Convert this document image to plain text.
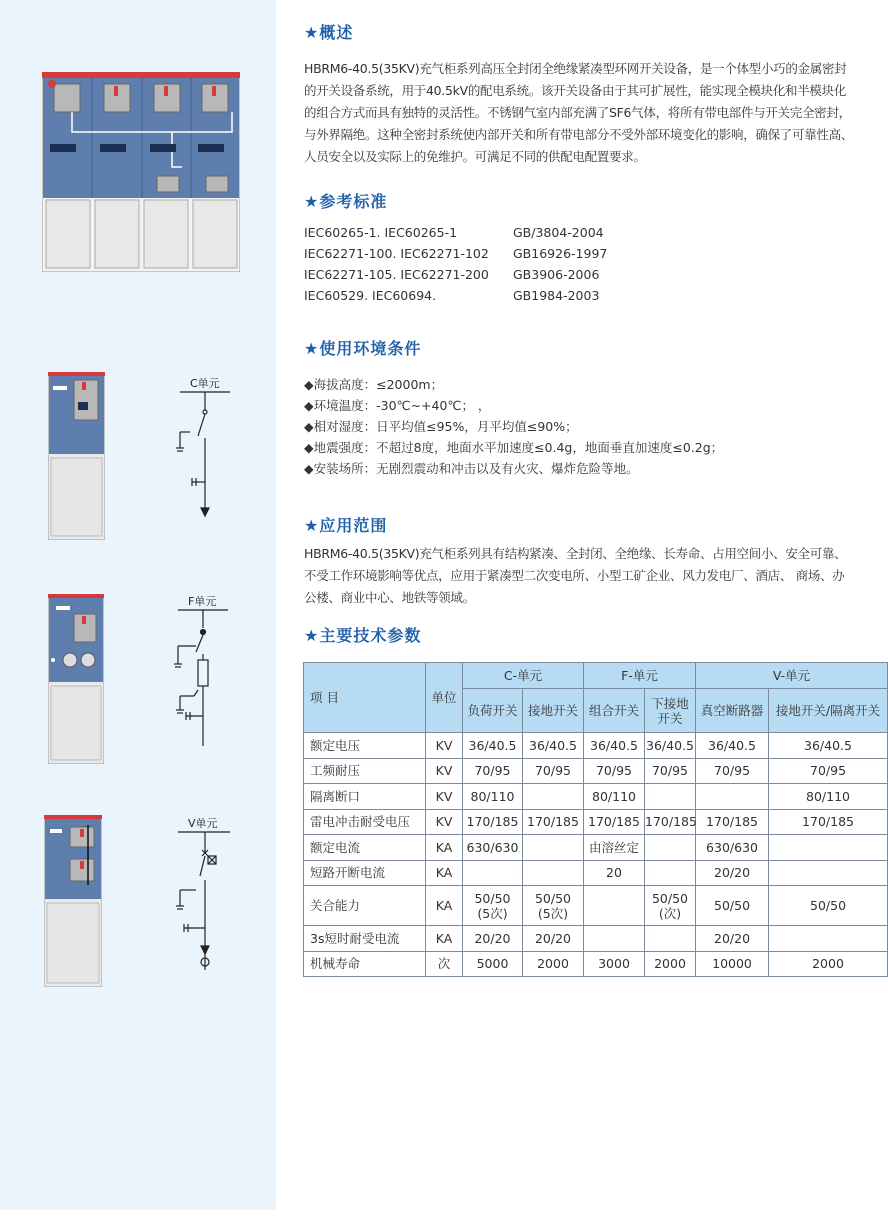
C单元
F单元
V单元
★概述
HBRM6-40.5(35KV)充气柜系列高压全封闭全绝缘紧凑型环网开关设备，是一个体型小巧的金属密封
的开关设备系统，用于40.5kV的配电系统。该开关设备由于其可扩展性，能实现全模块化和半模块化
的组合方式而具有独特的灵活性。不锈钢气室内部充满了SF6气体，将所有带电部件与开关完全密封，
与外界隔绝。这种全密封系统使内部开关和所有带电部分不受外部环境变化的影响，确保了可靠性高、
人员安全以及实际上的免维护。可满足不同的供配电配置要求。
★参考标准
IEC60265-1. IEC60265-1	GB/3804-2004
IEC62271-100. IEC62271-102 GB16926-1997
IEC62271-105. IEC62271-200 GB3906-2006
IEC60529. IEC60694.	GB1984-2003
★使用环境条件
◆海拔高度：≤2000m；
◆环境温度：-30℃~+40℃； ，
◆相对湿度：日平均值≤95%，月平均值≤90%；
◆地震强度：不超过8度，地面水平加速度≤0.4g，地面垂直加速度≤0.2g；
◆安装场所：无剧烈震动和冲击以及有火灾、爆炸危险等地。
★应用范围
HBRM6-40.5(35KV)充气柜系列具有结构紧凑、全封闭、全绝缘、长寿命、占用空间小、安全可靠、
不受工作环境影响等优点，应用于紧凑型二次变电所、小型工矿企业、风力发电厂、酒店、 商场、办
公楼、商业中心、地铁等领域。
★主要技术参数
项 目	单位	C-单元		F-单元		V-单元	
		负荷开关	接地开关	组合开关	下接地开关	真空断路器	接地开关/隔离开关
额定电压	KV	36/40.5	36/40.5	36/40.5	36/40.5	36/40.5	36/40.5
工频耐压	KV	70/95	70/95	70/95	70/95	70/95	70/95
隔离断口	KV	80/110		80/110			80/110
雷电冲击耐受电压	KV	170/185	170/185	170/185	170/185	170/185	170/185
额定电流	KA	630/630		由溶丝定		630/630	
短路开断电流	KA			20		20/20	
关合能力	KA	50/50
(5次)	50/50
(5次)		50/50
(次)	50/50	50/50
3s短时耐受电流	KA	20/20	20/20			20/20	
机械寿命	次	5000	2000	3000	2000	10000	2000
